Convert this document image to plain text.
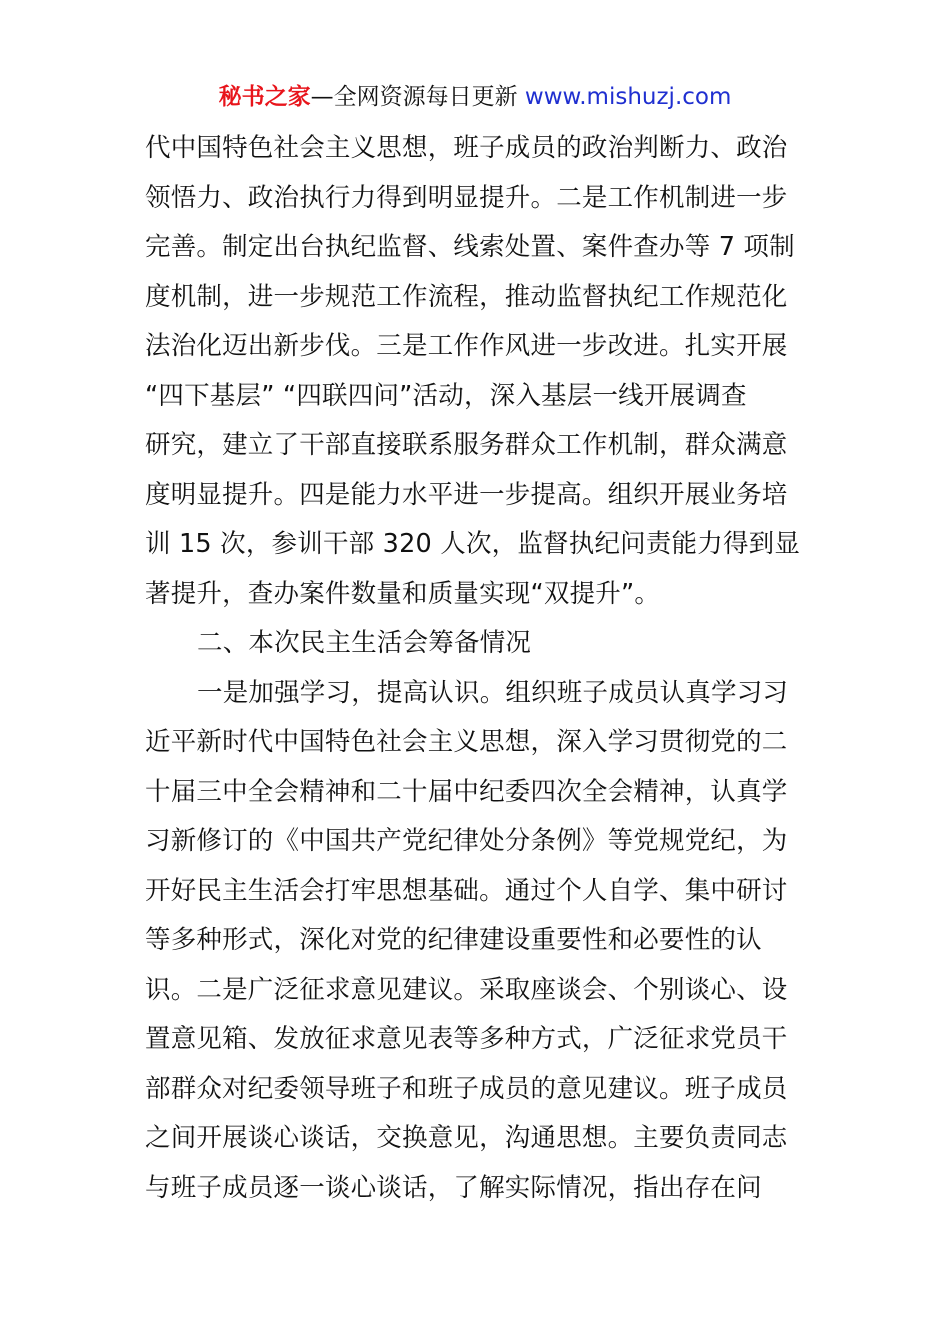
秘书之家—全网资源每日更新 www.mishuzj.com
代中国特色社会主义思想，班子成员的政治判断力、政治
领悟力、政治执行力得到明显提升。二是工作机制进一步
完善。制定出台执纪监督、线索处置、案件查办等 7 项制
度机制，进一步规范工作流程，推动监督执纪工作规范化
法治化迈出新步伐。三是工作作风进一步改进。扎实开展
“四下基层” “四联四问”活动，深入基层一线开展调查
研究，建立了干部直接联系服务群众工作机制，群众满意
度明显提升。四是能力水平进一步提高。组织开展业务培
训 15 次，参训干部 320 人次，监督执纪问责能力得到显
著提升，查办案件数量和质量实现“双提升”。
二、本次民主生活会筹备情况
一是加强学习，提高认识。组织班子成员认真学习习
近平新时代中国特色社会主义思想，深入学习贯彻党的二
十届三中全会精神和二十届中纪委四次全会精神，认真学
习新修订的《中国共产党纪律处分条例》等党规党纪，为
开好民主生活会打牢思想基础。通过个人自学、集中研讨
等多种形式，深化对党的纪律建设重要性和必要性的认
识。二是广泛征求意见建议。采取座谈会、个别谈心、设
置意见箱、发放征求意见表等多种方式，广泛征求党员干
部群众对纪委领导班子和班子成员的意见建议。班子成员
之间开展谈心谈话，交换意见，沟通思想。主要负责同志
与班子成员逐一谈心谈话，了解实际情况，指出存在问
